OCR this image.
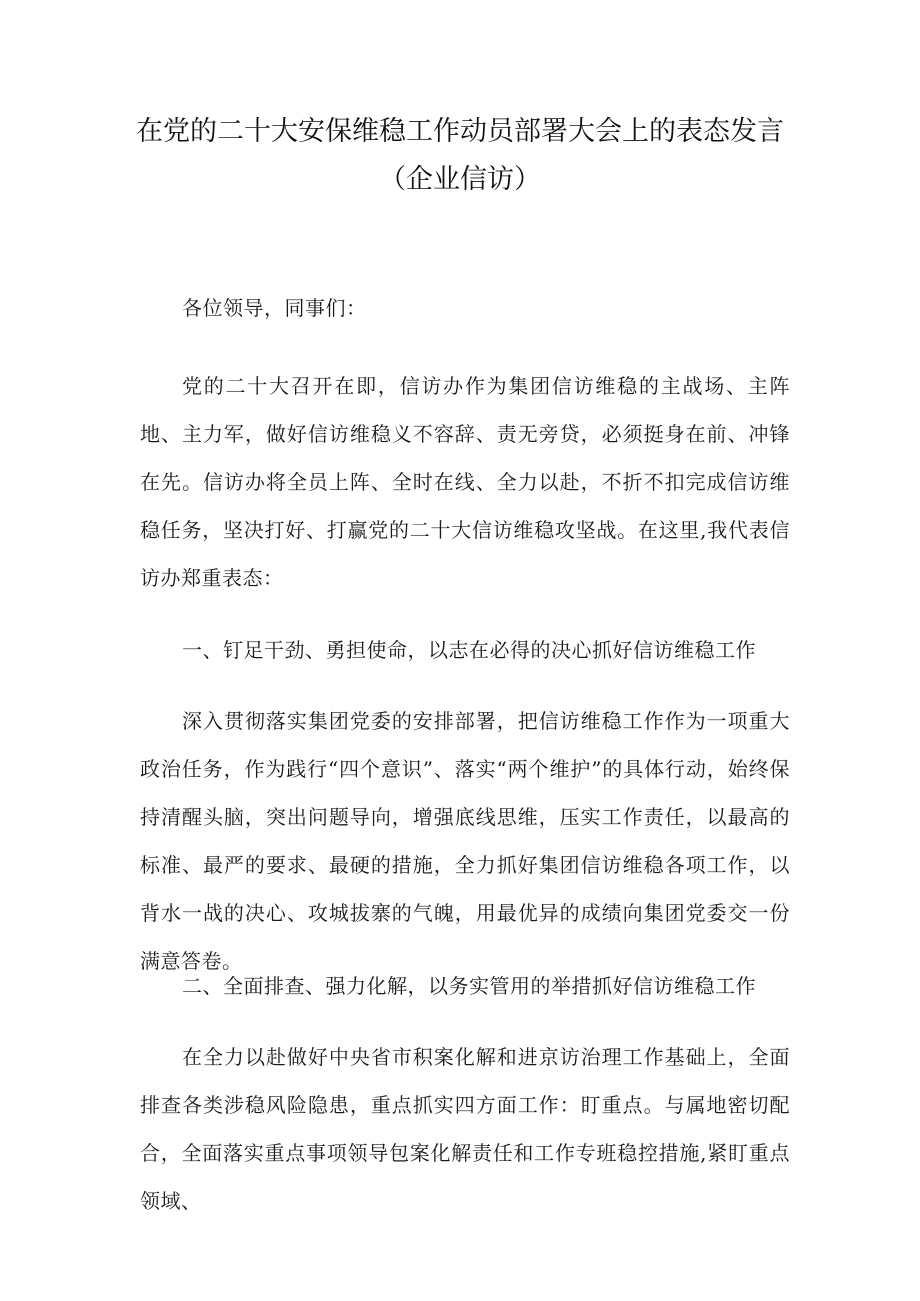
在党的二十大安保维稳工作动员部署大会上的表态发言（企业信访）

各位领导，同事们：

党的二十大召开在即，信访办作为集团信访维稳的主战场、主阵地、主力军，做好信访维稳义不容辞、责无旁贷，必须挺身在前、冲锋在先。信访办将全员上阵、全时在线、全力以赴，不折不扣完成信访维稳任务，坚决打好、打赢党的二十大信访维稳攻坚战。在这里,我代表信访办郑重表态：

一、钉足干劲、勇担使命，以志在必得的决心抓好信访维稳工作

深入贯彻落实集团党委的安排部署，把信访维稳工作作为一项重大政治任务，作为践行“四个意识”、落实“两个维护”的具体行动，始终保持清醒头脑，突出问题导向，增强底线思维，压实工作责任，以最高的标准、最严的要求、最硬的措施，全力抓好集团信访维稳各项工作，以背水一战的决心、攻城拔寨的气魄，用最优异的成绩向集团党委交一份满意答卷。

二、全面排查、强力化解，以务实管用的举措抓好信访维稳工作

在全力以赴做好中央省市积案化解和进京访治理工作基础上，全面排查各类涉稳风险隐患，重点抓实四方面工作：盯重点。与属地密切配合，全面落实重点事项领导包案化解责任和工作专班稳控措施,紧盯重点领域、
